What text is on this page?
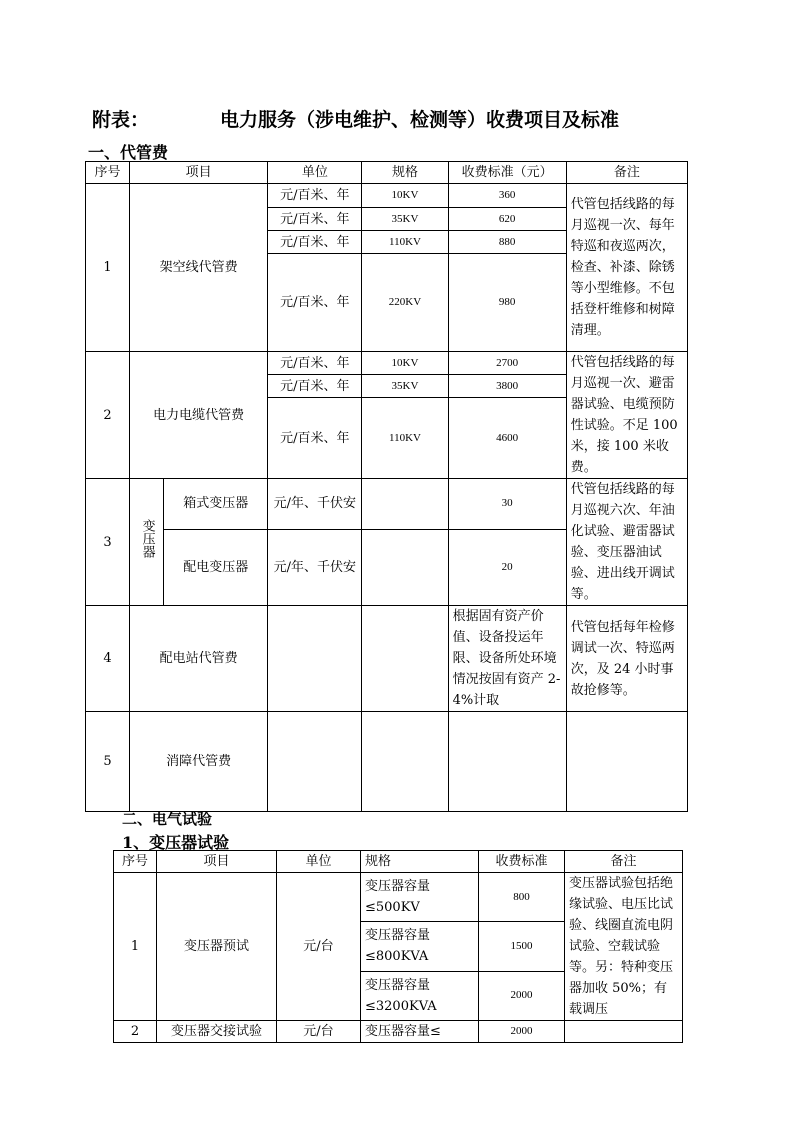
附表：	电力服务（涉电维护、检测等）收费项目及标准
一、代管费
序号	项目		单位	规格	收费标准（元）	备注
1	架空线代管费		元/百米、年	10KV	360	代管包括线路的每月巡视一次、每年特巡和夜巡两次，检查、补漆、除锈等小型维修。不包括登杆维修和树障清理。
			元/百米、年	35KV	620	
			元/百米、年	110KV	880	
			元/百米、年	220KV	980	
2	电力电缆代管费		元/百米、年	10KV	2700	代管包括线路的每月巡视一次、避雷器试验、电缆预防性试验。不足 100 米，接 100 米收费。
			元/百米、年	35KV	3800	
			元/百米、年	110KV	4600	
3	变压器	箱式变压器	元/年、千伏安		30	代管包括线路的每月巡视六次、年油化试验、避雷器试验、变压器油试验、进出线开调试等。
		配电变压器	元/年、千伏安		20	
4	配电站代管费				根据固有资产价值、设备投运年限、设备所处环境情况按固有资产 2-4%计取	代管包括每年检修调试一次、特巡两次，及 24 小时事故抢修等。
5	消障代管费					
二、电气试验
1、变压器试验
序号	项目	单位	规格	收费标准	备注
1	变压器预试	元/台	变压器容量≤500KV	800	变压器试验包括绝缘试验、电压比试验、线圈直流电阴试验、空载试验等。另：特种变压器加收 50%；有载调压
			变压器容量≤800KVA	1500	
			变压器容量≤3200KVA	2000	
2	变压器交接试验	元/台	变压器容量≤	2000	
